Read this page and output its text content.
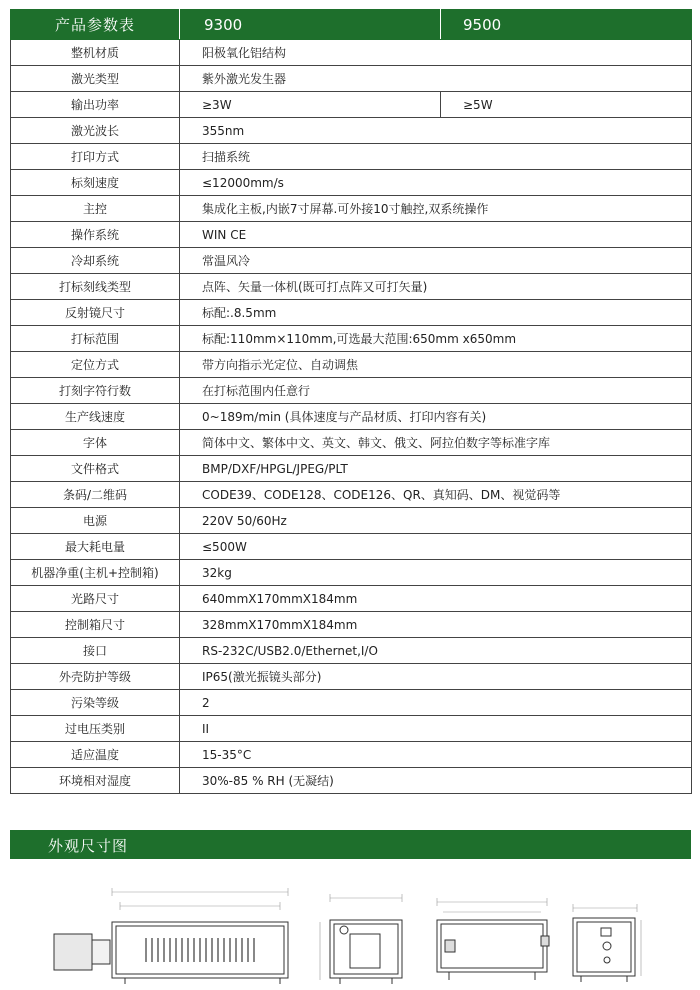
产品参数表	9300	9500
整机材质	阳极氧化铝结构	
激光类型	紫外激光发生器	
输出功率	≥3W	≥5W
激光波长	355nm	
打印方式	扫描系统	
标刻速度	≤12000mm/s	
主控	集成化主板,内嵌7寸屏幕.可外接10寸触控,双系统操作	
操作系统	WIN CE	
冷却系统	常温风冷	
打标刻线类型	点阵、矢量一体机(既可打点阵又可打矢量)	
反射镜尺寸	标配:.8.5mm	
打标范围	标配:110mm×110mm,可选最大范围:650mm x650mm	
定位方式	带方向指示光定位、自动调焦	
打刻字符行数	在打标范围内任意行	
生产线速度	0~189m/min (具体速度与产品材质、打印内容有关)	
字体	简体中文、繁体中文、英文、韩文、俄文、阿拉伯数字等标准字库	
文件格式	BMP/DXF/HPGL/JPEG/PLT	
条码/二维码	CODE39、CODE128、CODE126、QR、真知码、DM、视觉码等	
电源	220V 50/60Hz	
最大耗电量	≤500W	
机器净重(主机+控制箱)	32kg	
光路尺寸	640mmX170mmX184mm	
控制箱尺寸	328mmX170mmX184mm	
接口	RS-232C/USB2.0/Ethernet,I/O	
外壳防护等级	IP65(激光振镜头部分)	
污染等级	2	
过电压类别	II	
适应温度	15-35°C	
环境相对湿度	30%-85 % RH (无凝结)	
外观尺寸图
